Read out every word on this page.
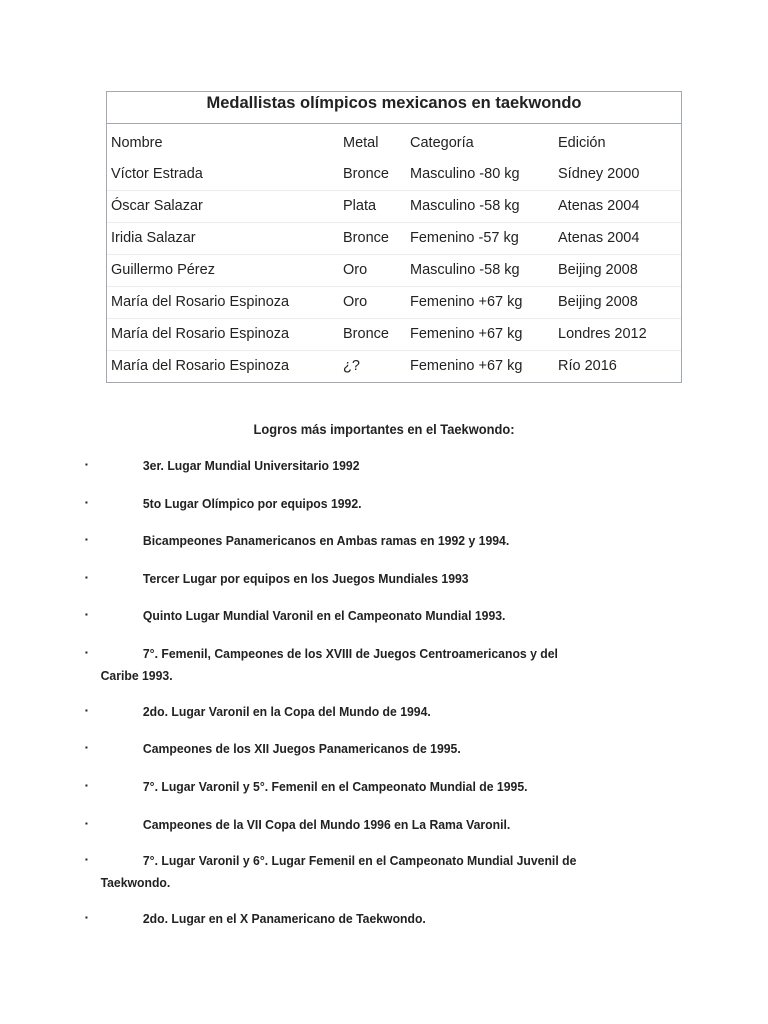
Medallistas olímpicos mexicanos en taekwondo
Nombre	Metal	Categoría	Edición
Víctor Estrada	Bronce	Masculino -80 kg	Sídney 2000
Óscar Salazar	Plata	Masculino -58 kg	Atenas 2004
Iridia Salazar	Bronce	Femenino -57 kg	Atenas 2004
Guillermo Pérez	Oro	Masculino -58 kg	Beijing 2008
María del Rosario Espinoza	Oro	Femenino +67 kg	Beijing 2008
María del Rosario Espinoza	Bronce	Femenino +67 kg	Londres 2012
María del Rosario Espinoza	¿?	Femenino +67 kg	Río 2016
Logros más importantes en el Taekwondo:
▪	3er. Lugar Mundial Universitario 1992
▪	5to Lugar Olímpico por equipos 1992.
▪	Bicampeones Panamericanos en Ambas ramas en 1992 y 1994.
▪	Tercer Lugar por equipos en los Juegos Mundiales 1993
▪	Quinto Lugar Mundial Varonil en el Campeonato Mundial 1993.
▪	7°. Femenil, Campeones de los XVIII de Juegos Centroamericanos y del Caribe 1993.
▪	2do. Lugar Varonil en la Copa del Mundo de 1994.
▪	Campeones de los XII Juegos Panamericanos de 1995.
▪	7°. Lugar Varonil y 5°. Femenil en el Campeonato Mundial de 1995.
▪	Campeones de la VII Copa del Mundo 1996 en La Rama Varonil.
▪	7°. Lugar Varonil y 6°. Lugar Femenil en el Campeonato Mundial Juvenil de Taekwondo.
▪	2do. Lugar en el X Panamericano de Taekwondo.
